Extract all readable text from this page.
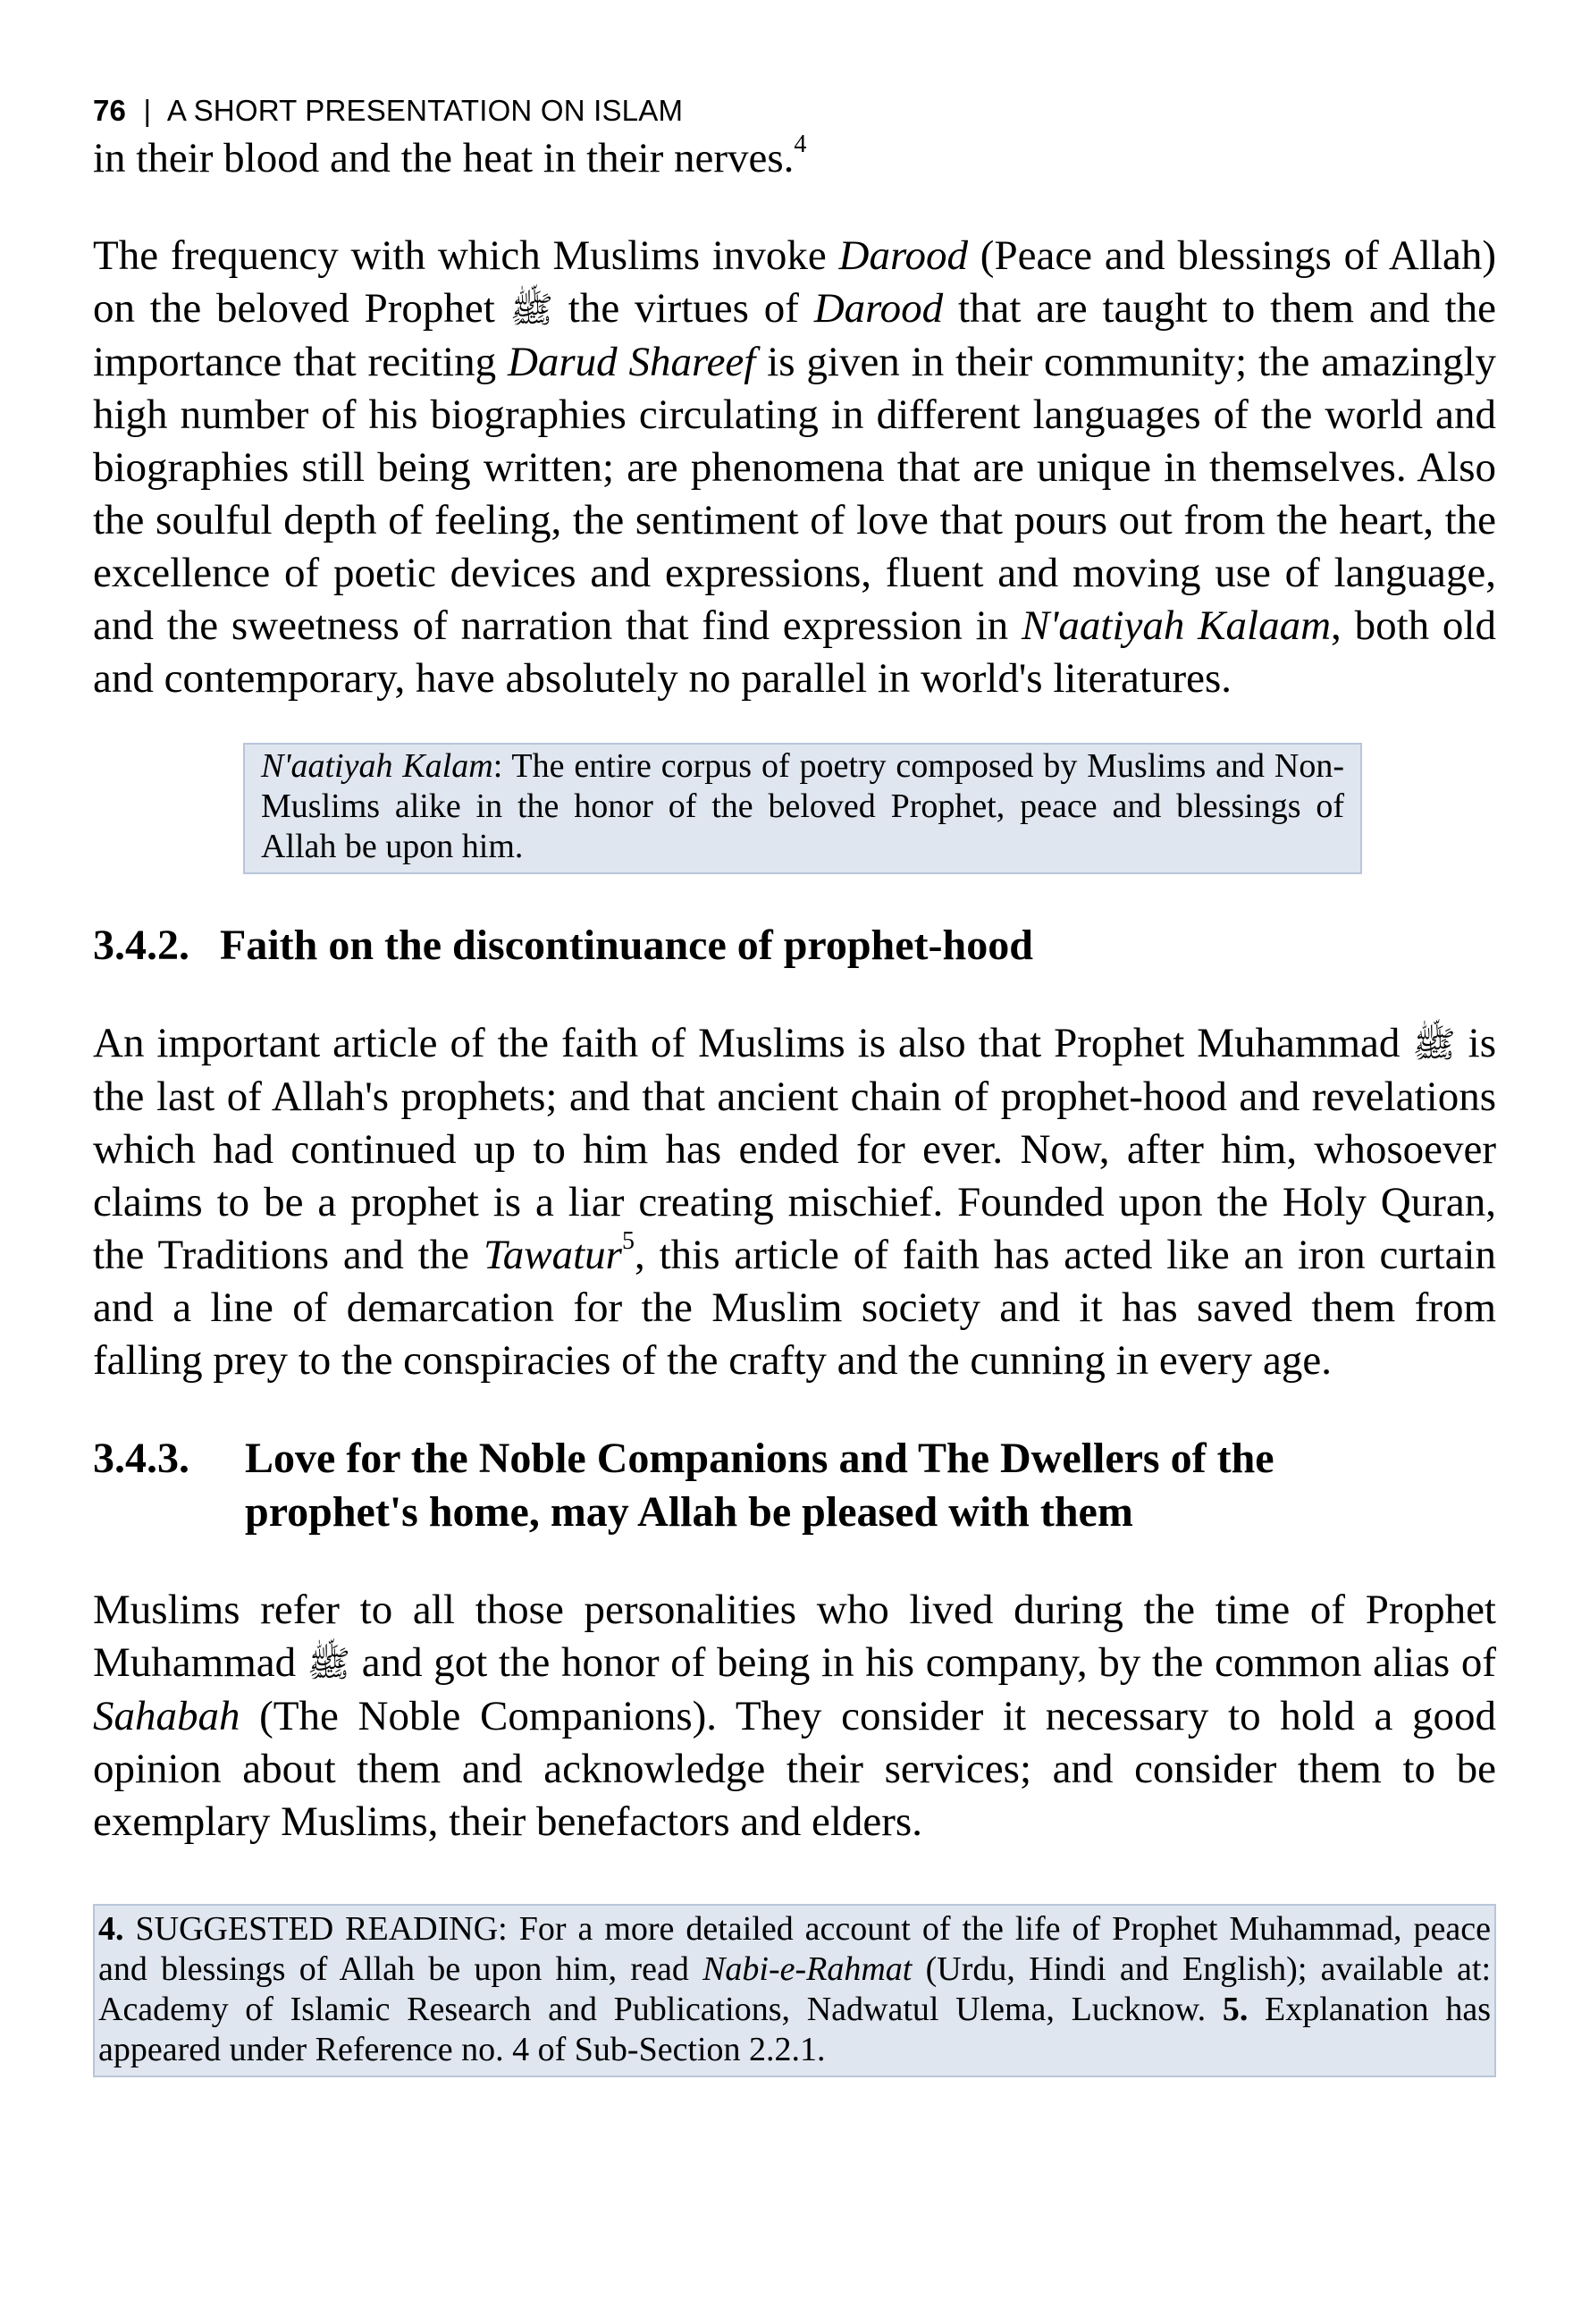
76 | A SHORT PRESENTATION ON ISLAM

in their blood and the heat in their nerves.$^4$

The frequency with which Muslims invoke Darood (Peace and blessings of Allah) on the beloved Prophet ﷺ the virtues of Darood that are taught to them and the importance that reciting Darud Shareef is given in their community; the amazingly high number of his biographies circulating in different languages of the world and biographies still being written; are phenomena that are unique in themselves. Also the soulful depth of feeling, the sentiment of love that pours out from the heart, the excellence of poetic devices and expressions, fluent and moving use of language, and the sweetness of narration that find expression in N'aatiyah Kalaam, both old and contemporary, have absolutely no parallel in world's literatures.

N'aatiyah Kalam: The entire corpus of poetry composed by Muslims and Non-Muslims alike in the honor of the beloved Prophet, peace and blessings of Allah be upon him.
3.4.2. Faith on the discontinuance of prophet-hood

An important article of the faith of Muslims is also that Prophet Muhammad ﷺ is the last of Allah's prophets; and that ancient chain of prophet-hood and revelations which had continued up to him has ended for ever. Now, after him, whosoever claims to be a prophet is a liar creating mischief. Founded upon the Holy Quran, the Traditions and the Tawatur$^5$, this article of faith has acted like an iron curtain and a line of demarcation for the Muslim society and it has saved them from falling prey to the conspiracies of the crafty and the cunning in every age.

3.4.3.	Love for the Noble Companions and The Dwellers of the prophet's home, may Allah be pleased with them

Muslims refer to all those personalities who lived during the time of Prophet Muhammad ﷺ and got the honor of being in his company, by the common alias of Sahabah (The Noble Companions). They consider it necessary to hold a good opinion about them and acknowledge their services; and consider them to be exemplary Muslims, their benefactors and elders.

4. SUGGESTED READING: For a more detailed account of the life of Prophet Muhammad, peace and blessings of Allah be upon him, read Nabi-e-Rahmat (Urdu, Hindi and English); available at: Academy of Islamic Research and Publications, Nadwatul Ulema, Lucknow. 5. Explanation has appeared under Reference no. 4 of Sub-Section 2.2.1.
